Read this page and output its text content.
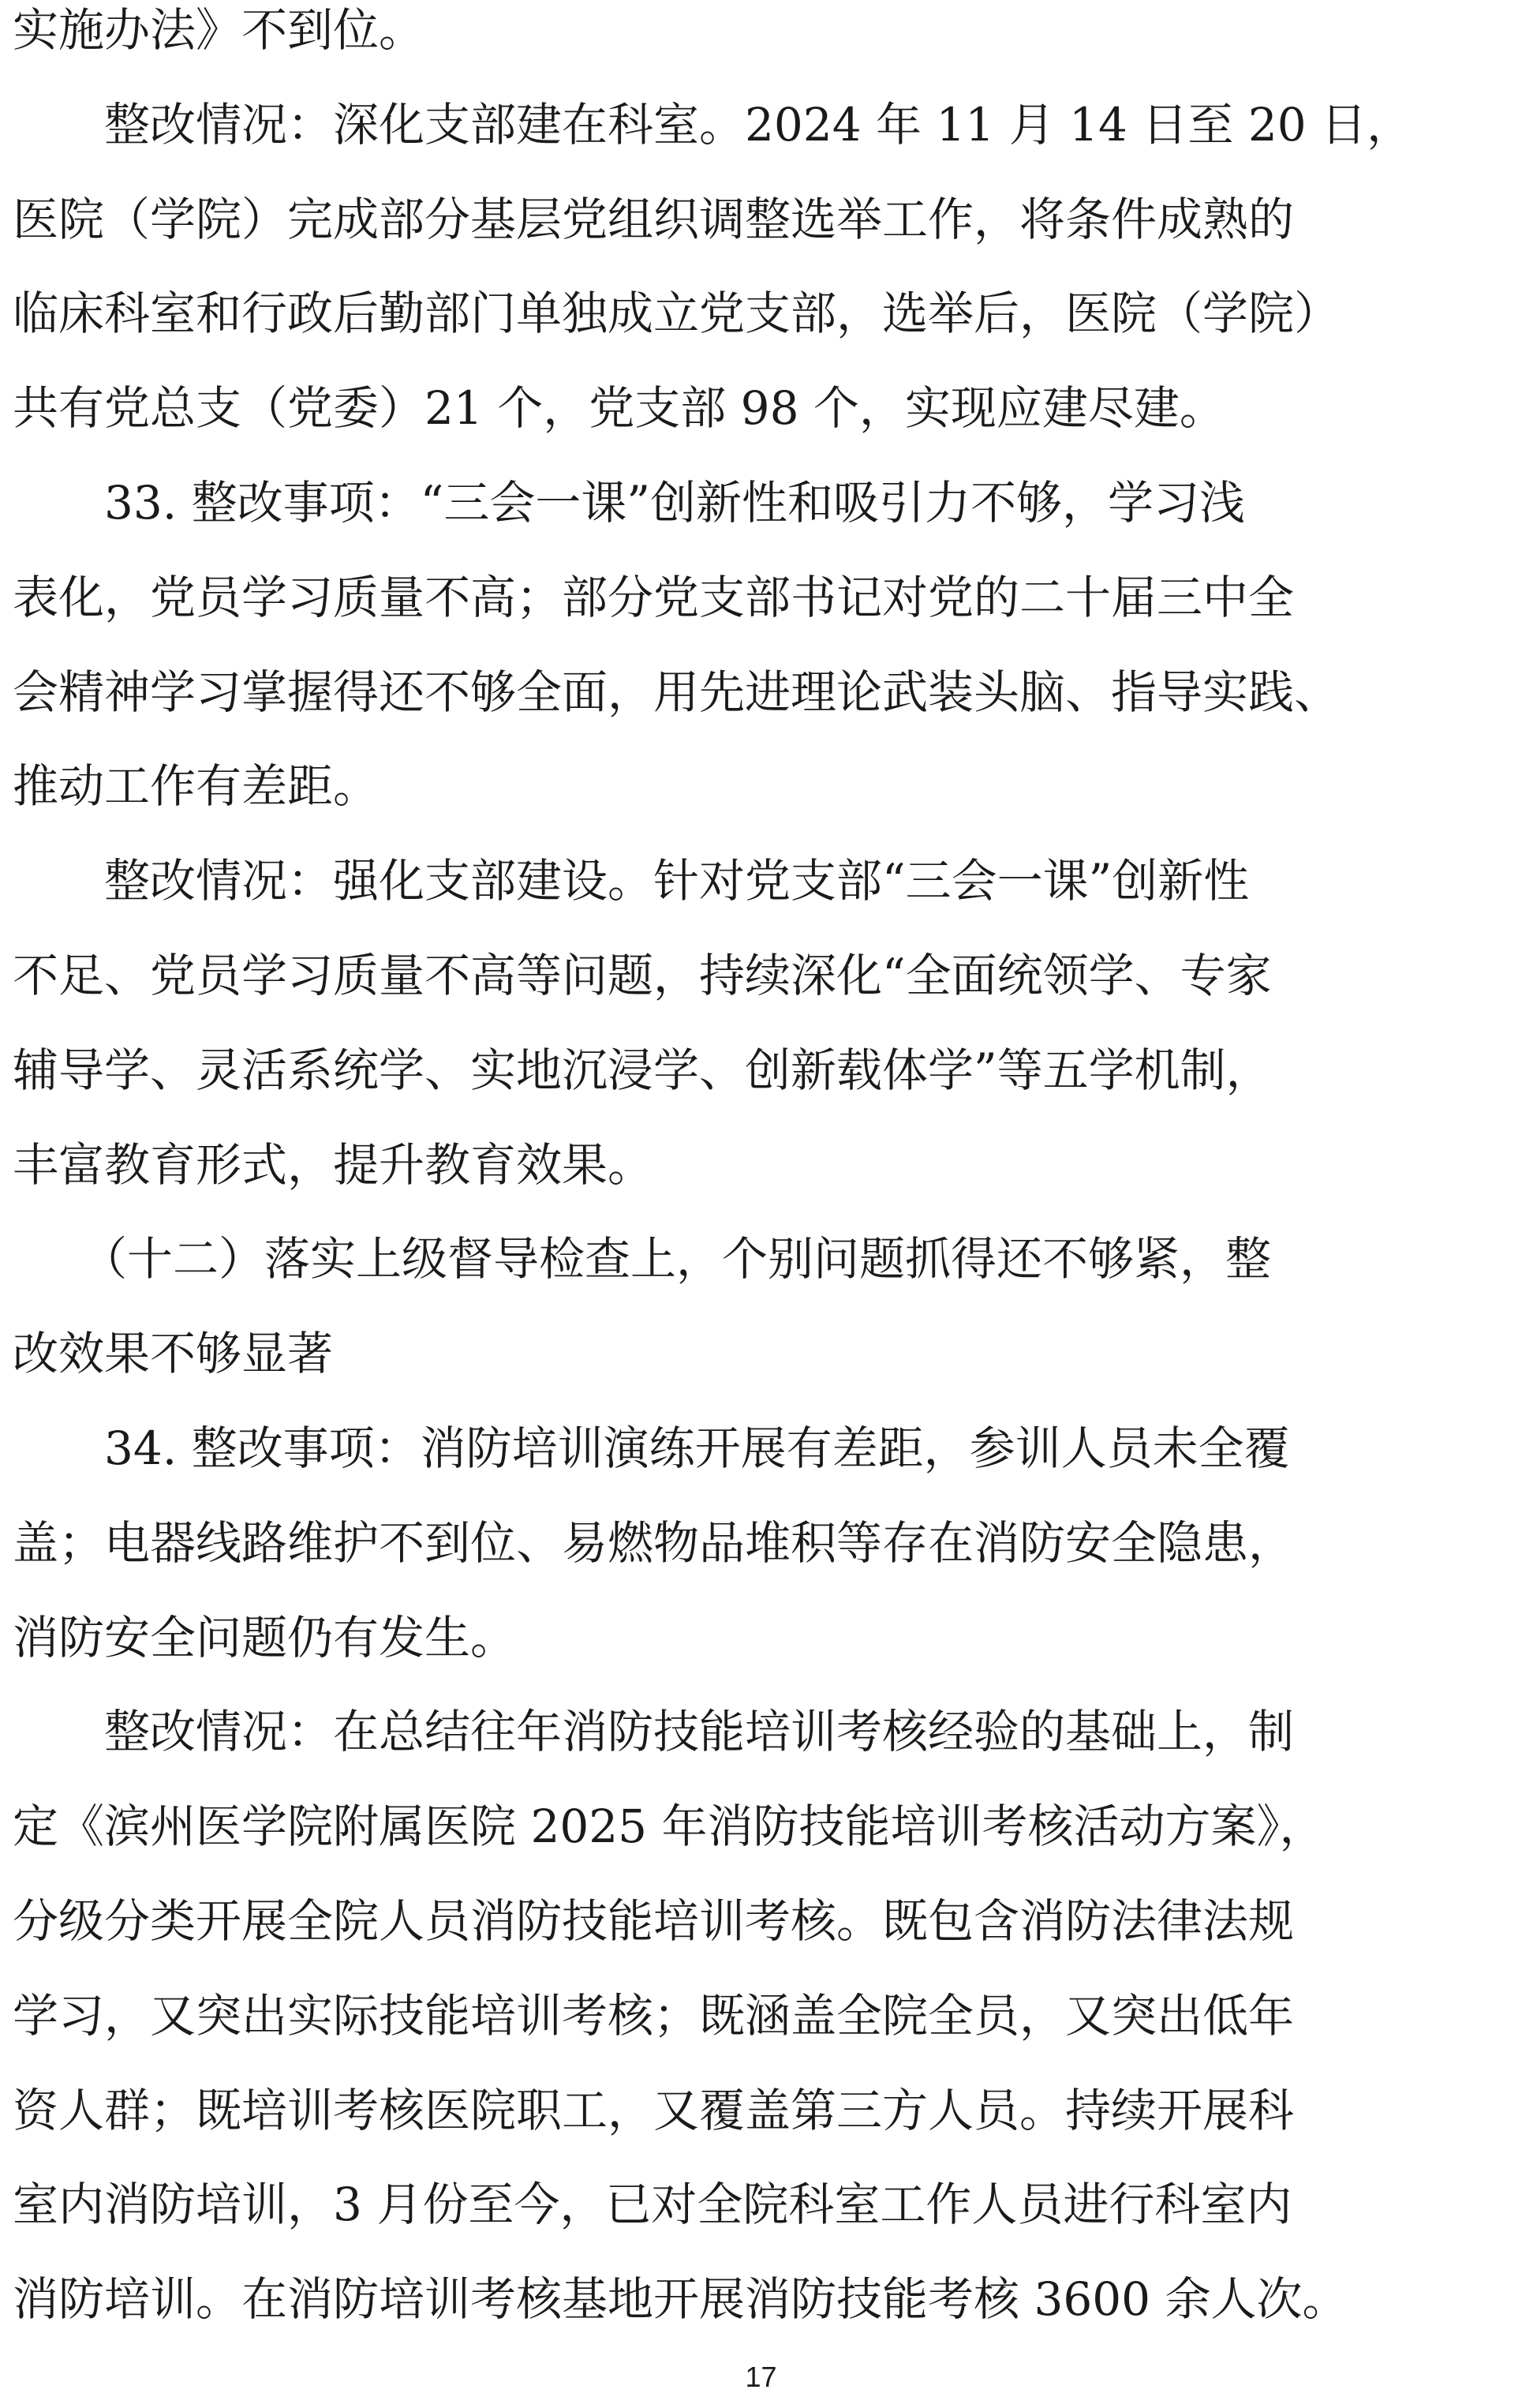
实施办法》不到位。
　　整改情况：深化支部建在科室。2024 年 11 月 14 日至 20 日，
医院（学院）完成部分基层党组织调整选举工作，将条件成熟的
临床科室和行政后勤部门单独成立党支部，选举后，医院（学院）
共有党总支（党委）21 个，党支部 98 个，实现应建尽建。
　　33. 整改事项：“三会一课”创新性和吸引力不够，学习浅
表化，党员学习质量不高；部分党支部书记对党的二十届三中全
会精神学习掌握得还不够全面，用先进理论武装头脑、指导实践、
推动工作有差距。
　　整改情况：强化支部建设。针对党支部“三会一课”创新性
不足、党员学习质量不高等问题，持续深化“全面统领学、专家
辅导学、灵活系统学、实地沉浸学、创新载体学”等五学机制，
丰富教育形式，提升教育效果。
　　（十二）落实上级督导检查上，个别问题抓得还不够紧，整
改效果不够显著
　　34. 整改事项：消防培训演练开展有差距，参训人员未全覆
盖；电器线路维护不到位、易燃物品堆积等存在消防安全隐患，
消防安全问题仍有发生。
　　整改情况：在总结往年消防技能培训考核经验的基础上，制
定《滨州医学院附属医院 2025 年消防技能培训考核活动方案》，
分级分类开展全院人员消防技能培训考核。既包含消防法律法规
学习，又突出实际技能培训考核；既涵盖全院全员，又突出低年
资人群；既培训考核医院职工，又覆盖第三方人员。持续开展科
室内消防培训，3 月份至今，已对全院科室工作人员进行科室内
消防培训。在消防培训考核基地开展消防技能考核 3600 余人次。
17
